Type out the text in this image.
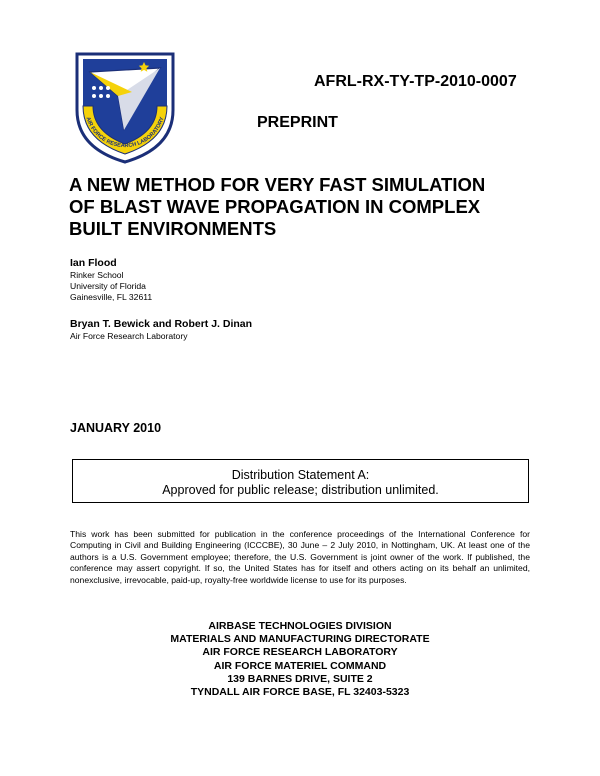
AIR FORCE RESEARCH LABORATORY
AFRL-RX-TY-TP-2010-0007
PREPRINT
A NEW METHOD FOR VERY FAST SIMULATION
OF BLAST WAVE PROPAGATION IN COMPLEX
BUILT ENVIRONMENTS
Ian Flood
Rinker School
University of Florida
Gainesville, FL 32611
Bryan T. Bewick and Robert J. Dinan
Air Force Research Laboratory
JANUARY 2010
Distribution Statement A:
Approved for public release; distribution unlimited.
This work has been submitted for publication in the conference proceedings of the International Conference for Computing in Civil and Building Engineering (ICCCBE), 30 June – 2 July 2010, in Nottingham, UK. At least one of the authors is a U.S. Government employee; therefore, the U.S. Government is joint owner of the work. If published, the conference may assert copyright. If so, the United States has for itself and others acting on its behalf an unlimited, nonexclusive, irrevocable, paid-up, royalty-free worldwide license to use for its purposes.
AIRBASE TECHNOLOGIES DIVISION
MATERIALS AND MANUFACTURING DIRECTORATE
AIR FORCE RESEARCH LABORATORY
AIR FORCE MATERIEL COMMAND
139 BARNES DRIVE, SUITE 2
TYNDALL AIR FORCE BASE, FL 32403-5323
